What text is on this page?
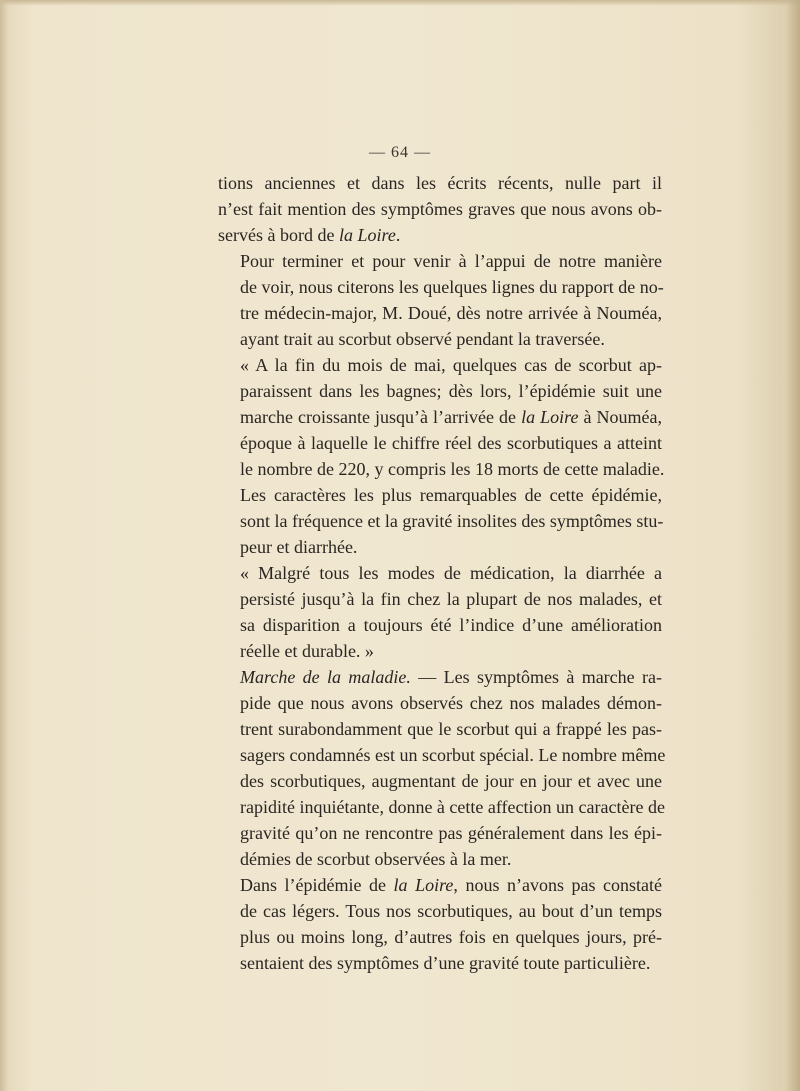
— 64 —
tions anciennes et dans les écrits récents, nulle part il
n’est fait mention des symptômes graves que nous avons ob-
servés à bord de la Loire.
Pour terminer et pour venir à l’appui de notre manière
de voir, nous citerons les quelques lignes du rapport de no-
tre médecin-major, M. Doué, dès notre arrivée à Nouméa,
ayant trait au scorbut observé pendant la traversée.
« A la fin du mois de mai, quelques cas de scorbut ap-
paraissent dans les bagnes; dès lors, l’épidémie suit une
marche croissante jusqu’à l’arrivée de la Loire à Nouméa,
époque à laquelle le chiffre réel des scorbutiques a atteint
le nombre de 220, y compris les 18 morts de cette maladie.
Les caractères les plus remarquables de cette épidémie,
sont la fréquence et la gravité insolites des symptômes stu-
peur et diarrhée.
« Malgré tous les modes de médication, la diarrhée a
persisté jusqu’à la fin chez la plupart de nos malades, et
sa disparition a toujours été l’indice d’une amélioration
réelle et durable. »
Marche de la maladie. — Les symptômes à marche ra-
pide que nous avons observés chez nos malades démon-
trent surabondamment que le scorbut qui a frappé les pas-
sagers condamnés est un scorbut spécial. Le nombre même
des scorbutiques, augmentant de jour en jour et avec une
rapidité inquiétante, donne à cette affection un caractère de
gravité qu’on ne rencontre pas généralement dans les épi-
démies de scorbut observées à la mer.
Dans l’épidémie de la Loire, nous n’avons pas constaté
de cas légers. Tous nos scorbutiques, au bout d’un temps
plus ou moins long, d’autres fois en quelques jours, pré-
sentaient des symptômes d’une gravité toute particulière.
